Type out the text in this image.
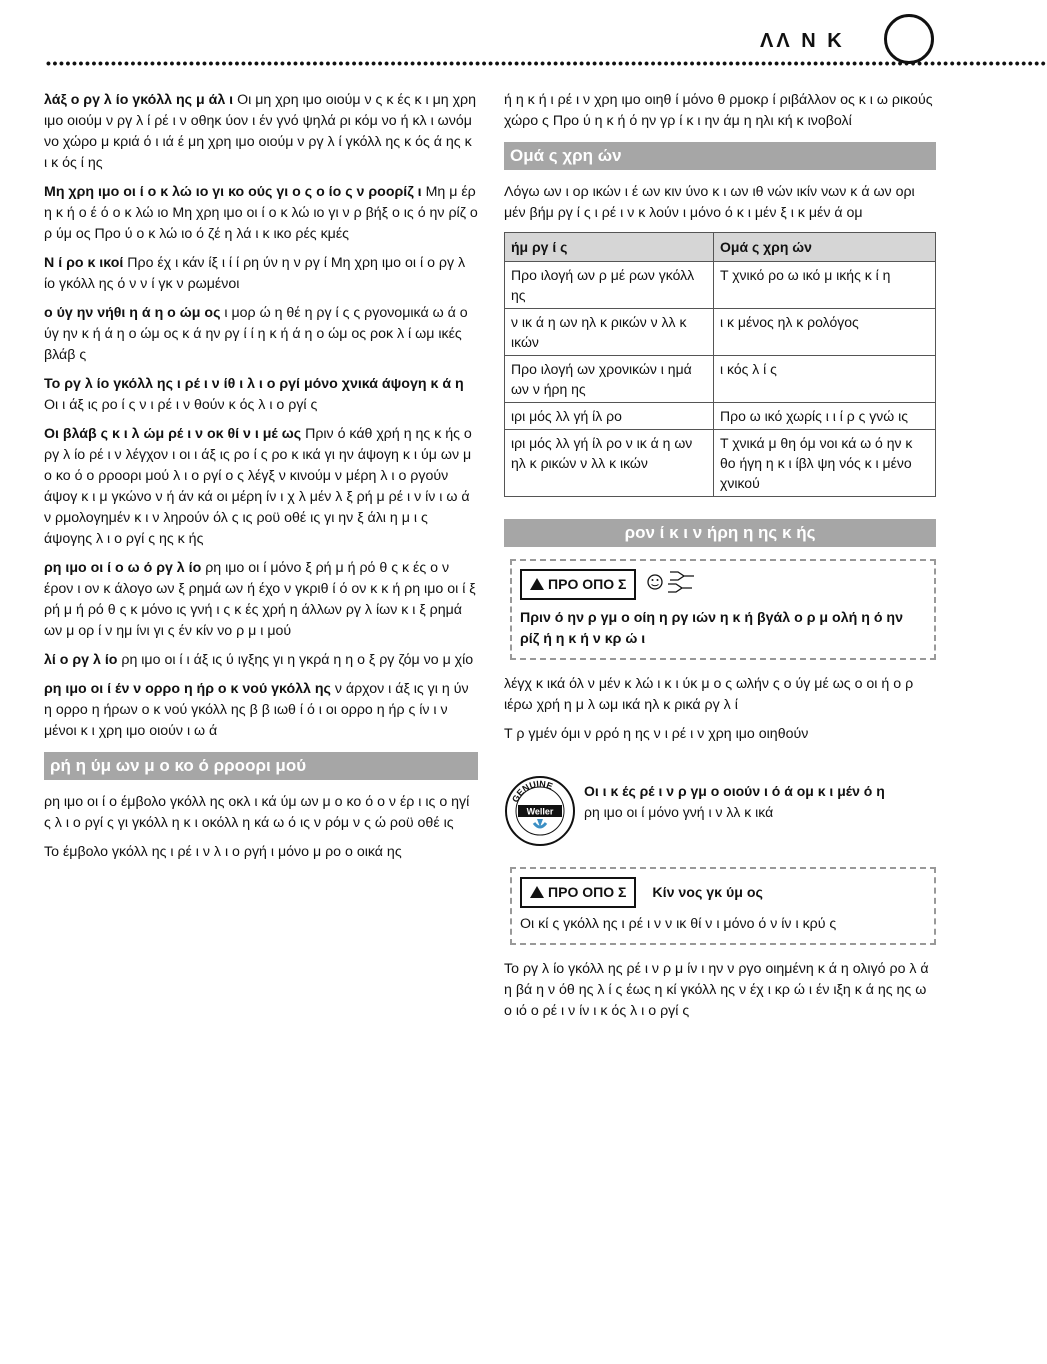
ΛΛ Ν Κ
••••••••••••••••••••••••••••••••••••••••••••••••••••••••••••••••••••••••••••••••••••••••••••••••••••••••••••••••••••••••••••••••••••••••••••••••••••••••••

λάξ ο ργ λ ίο γκόλλ ης μ άλ ι Οι μη χρη ιμο οιούμ ν ς κ ές κ ι μη χρη ιμο οιούμ ν ργ λ ί ρέ ι ν οθηκ ύον ι έν γνό ψηλά ρι κόμ νο ή κλ ι ωνόμ νο χώρο μ κριά ό ι ιά έ μη χρη ιμο οιούμ ν ργ λ ί γκόλλ ης κ ός ά ης κ ι κ ός ί ης

Μη χρη ιμο οι ί ο κ λώ ιο γι κο ούς γι ο ς ο ίο ς ν ροορίζ ι Μη μ έρ η κ ή ο έ ό ο κ λώ ιο Μη χρη ιμο οι ί ο κ λώ ιο γι ν ρ βήξ ο ις ό ην ρίζ ο ρ ύμ ος Προ ύ ο κ λώ ιο ό ζέ η λά ι κ ικο ρές κμές

Ν ί ρο κ ικοί Προ έχ ι κάν ίξ ι ί ί ρη ύν η ν ργ ί Μη χρη ιμο οι ί ο ργ λ ίο γκόλλ ης ό ν ν ί γκ ν ρωμένοι

ο ύγ ην νήθι η ά η ο ώμ ος ι μορ ώ η θέ η ργ ί ς ς ργονομικά ω ά ο ύγ ην κ ή ά η ο ώμ ος κ ά ην ργ ί ί η κ ή ά η ο ώμ ος ροκ λ ί ωμ ικές βλάβ ς

Το ργ λ ίο γκόλλ ης ι ρέ ι ν ίθ ι λ ι ο ργί μόνο χνικά άψογη κ ά η Οι ι άξ ις ρο ί ς ν ι ρέ ι ν θούν κ ός λ ι ο ργί ς

Οι βλάβ ς κ ι λ ώμ ρέ ι ν οκ θί ν ι μέ ως Πριν ό κάθ χρή η ης κ ής ο ργ λ ίο ρέ ι ν λέγχον ι οι ι άξ ις ρο ί ς ρο κ ικά γι ην άψογη κ ι ύμ ων μ ο κο ό ο ρροορι μού λ ι ο ργί ο ς λέγξ ν κινούμ ν μέρη λ ι ο ργούν άψογ κ ι μ γκώνο ν ή άν κά οι μέρη ίν ι χ λ μέν λ ξ ρή μ ρέ ι ν ίν ι ω ά ν ρμολογημέν κ ι ν ληρούν όλ ς ις ροϋ οθέ ις γι ην ξ άλι η μ ι ς άψογης λ ι ο ργί ς ης κ ής

ρη ιμο οι ί ο ω ό ργ λ ίο ρη ιμο οι ί μόνο ξ ρή μ ή ρό θ ς κ ές ο ν έρον ι ον κ άλογο ων ξ ρημά ων ή έχο ν γκριθ ί ό ον κ κ ή ρη ιμο οι ί ξ ρή μ ή ρό θ ς κ μόνο ις γνή ι ς κ ές χρή η άλλων ργ λ ίων κ ι ξ ρημά ων μ ορ ί ν ημ ίνι γι ς έν κίν νο ρ μ ι μού

λί ο ργ λ ίο ρη ιμο οι ί ι άξ ις ύ ιγξης γι η γκρά η η ο ξ ργ ζόμ νο μ χίο

ρη ιμο οι ί έν ν ορρο η ήρ ο κ νού γκόλλ ης ν άρχον ι άξ ις γι η ύν η ορρο η ήρων ο κ νού γκόλλ ης β β ιωθ ί ό ι οι ορρο η ήρ ς ίν ι ν μένοι κ ι χρη ιμο οιούν ι ω ά

ρή η ύμ ων μ ο κο ό ρροορι μού

ρη ιμο οι ί ο έμβολο γκόλλ ης οκλ ι κά ύμ ων μ ο κο ό ο ν έρ ι ις ο ηγί ς λ ι ο ργί ς γι γκόλλ η κ ι οκόλλ η κά ω ό ις ν ρόμ ν ς ώ ροϋ οθέ ις

Το έμβολο γκόλλ ης ι ρέ ι ν λ ι ο ργή ι μόνο μ ρο ο οικά ης

ή η κ ή ι ρέ ι ν χρη ιμο οιηθ ί μόνο θ ρμοκρ ί ριβάλλον ος κ ι ω ρικούς χώρο ς Προ ύ η κ ή ό ην γρ ί κ ι ην άμ η ηλι κή κ ινοβολί

Ομά ς χρη ών

Λόγω ων ι ορ ικών ι έ ων κιν ύνο κ ι ων ιθ νών ικίν νων κ ά ων ορι μέν βήμ ργ ί ς ι ρέ ι ν κ λούν ι μόνο ό κ ι μέν ξ ι κ μέν ά ομ

ήμ ργ ί ς	Ομά ς χρη ών
Προ ιλογή ων ρ μέ ρων γκόλλ ης	Τ χνικό ρο ω ικό μ ικής κ ί η
ν ικ ά η ων ηλ κ ρικών ν λλ κ ικών	ι κ μένος ηλ κ ρολόγος
Προ ιλογή ων χρονικών ι ημά ων ν ήρη ης	ι κός λ ί ς
ιρι μός λλ γή ίλ ρο	Προ ω ικό χωρίς ι ι ί ρ ς γνώ ις
ιρι μός λλ γή ίλ ρο ν ικ ά η ων ηλ κ ρικών ν λλ κ ικών	Τ χνικά μ θη όμ νοι κά ω ό ην κ θο ήγη η κ ι ίβλ ψη νός κ ι μένο χνικού
ρον ί κ ι ν ήρη η ης κ ής
ΠΡΟ ΟΠΟ Σ
Πριν ό ην ρ γμ ο οίη η ργ ιών η κ ή βγάλ ο ρ μ ολή η ό ην ρίζ ή η κ ή ν κρ ώ ι

λέγχ κ ικά όλ ν μέν κ λώ ι κ ι ύκ μ ο ς ωλήν ς ο ύγ μέ ως ο οι ή ο ρ ιέρω χρή η μ λ ωμ ικά ηλ κ ρικά ργ λ ί

Τ ρ γμέν όμι ν ρρό η ης ν ι ρέ ι ν χρη ιμο οιηθούν

GENUINE
Weller
Οι ι κ ές ρέ ι ν ρ γμ ο οιούν ι ό ά ομ κ ι μέν ό η
ρη ιμο οι ί μόνο γνή ι ν λλ κ ικά
ΠΡΟ ΟΠΟ Σ Κίν νος γκ ύμ ος
Οι κί ς γκόλλ ης ι ρέ ι ν ν ικ θί ν ι μόνο ό ν ίν ι κρύ ς

Το ργ λ ίο γκόλλ ης ρέ ι ν ρ μ ίν ι ην ν ργο οιημένη κ ά η ολιγό ρο λ ά η βά η ν όθ ης λ ί ς έως η κί γκόλλ ης ν έχ ι κρ ώ ι έν ιξη κ ά ης ης ω ο ιό ο ρέ ι ν ίν ι κ ός λ ι ο ργί ς
